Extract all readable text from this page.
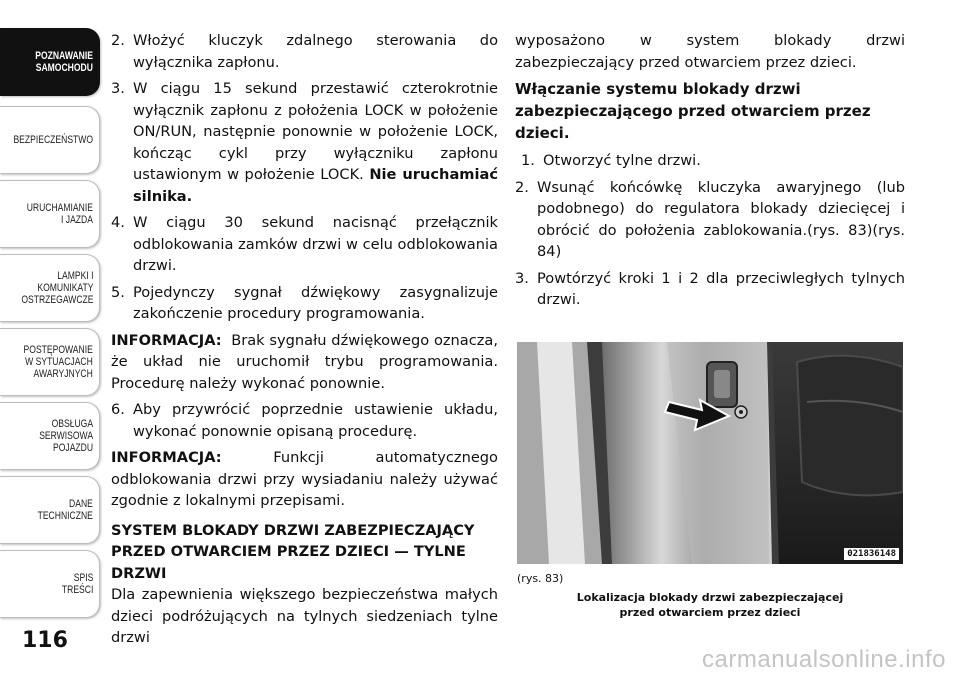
POZNAWANIE
SAMOCHODU
BEZPIECZEŃSTWO
URUCHAMIANIE
I JAZDA
LAMPKI I
KOMUNIKATY
OSTRZEGAWCZE
POSTĘPOWANIE
W SYTUACJACH
AWARYJNYCH
OBSŁUGA
SERWISOWA
POJAZDU
DANE
TECHNICZNE
SPIS
TREŚCI
116
2. Włożyć kluczyk zdalnego sterowania do wyłącznika zapłonu.
3. W ciągu 15 sekund przestawić czterokrotnie wyłącznik zapłonu z położenia LOCK w położenie ON/RUN, następnie ponownie w położenie LOCK, kończąc cykl przy wyłączniku zapłonu ustawionym w położenie LOCK. Nie uruchamiać silnika.
4. W ciągu 30 sekund nacisnąć przełącznik odblokowania zamków drzwi w celu odblokowania drzwi.
5. Pojedynczy sygnał dźwiękowy zasygnalizuje zakończenie procedury programowania.
INFORMACJA: Brak sygnału dźwiękowego oznacza, że układ nie uruchomił trybu programowania. Procedurę należy wykonać ponownie.
6. Aby przywrócić poprzednie ustawienie układu, wykonać ponownie opisaną procedurę.
INFORMACJA:	Funkcji automatycznego odblokowania drzwi przy wysiadaniu należy używać zgodnie z lokalnymi przepisami.
SYSTEM BLOKADY DRZWI ZABEZPIECZAJĄCY PRZED OTWARCIEM PRZEZ DZIECI — TYLNE DRZWI
Dla zapewnienia większego bezpieczeństwa małych dzieci podróżujących na tylnych siedzeniach tylne drzwi
wyposażono w system blokady drzwi zabezpieczający przed otwarciem przez dzieci.
Włączanie systemu blokady drzwi zabezpieczającego przed otwarciem przez dzieci.
1. Otworzyć tylne drzwi.
2. Wsunąć końcówkę kluczyka awaryjnego (lub podobnego) do regulatora blokady dziecięcej i obrócić do położenia zablokowania.(rys. 83)(rys. 84)
3. Powtórzyć kroki 1 i 2 dla przeciwległych tylnych drzwi.
021836148
(rys. 83)
Lokalizacja blokady drzwi zabezpieczającej
przed otwarciem przez dzieci
carmanualsonline.info
